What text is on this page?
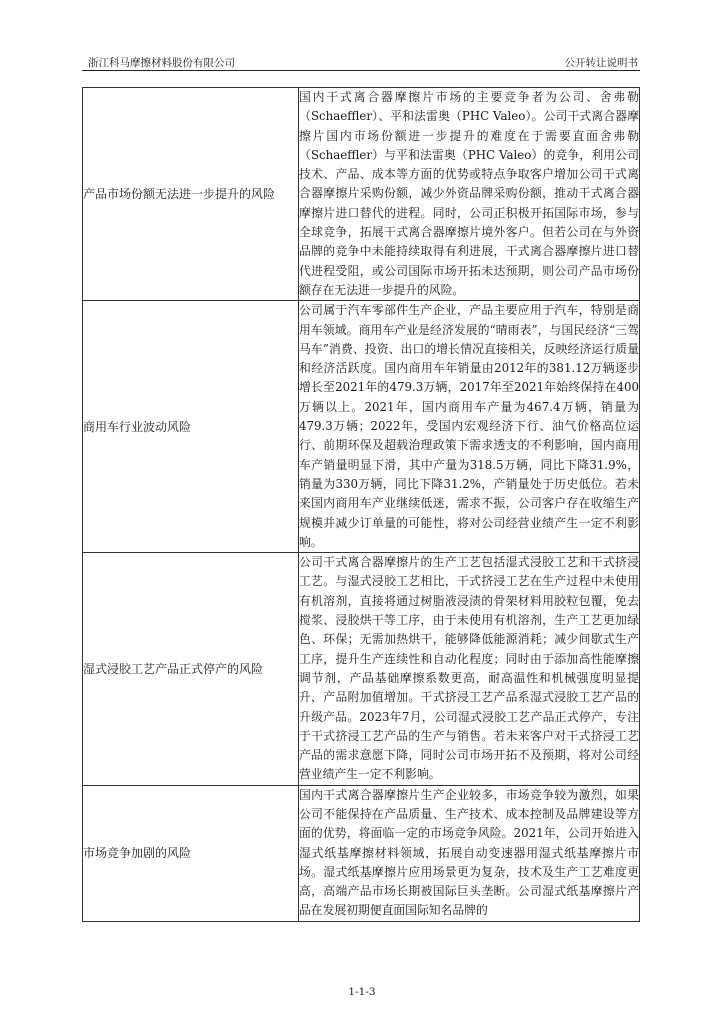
浙江科马摩擦材料股份有限公司	公开转让说明书
产品市场份额无法进一步提升的风险	国内干式离合器摩擦片市场的主要竞争者为公司、舍弗勒（Schaeffler）、平和法雷奥（PHC Valeo）。公司干式离合器摩擦片国内市场份额进一步提升的难度在于需要直面舍弗勒（Schaeffler）与平和法雷奥（PHC Valeo）的竞争，利用公司技术、产品、成本等方面的优势或特点争取客户增加公司干式离合器摩擦片采购份额，减少外资品牌采购份额，推动干式离合器摩擦片进口替代的进程。同时，公司正积极开拓国际市场，参与全球竞争，拓展干式离合器摩擦片境外客户。但若公司在与外资品牌的竞争中未能持续取得有利进展，干式离合器摩擦片进口替代进程受阻，或公司国际市场开拓未达预期，则公司产品市场份额存在无法进一步提升的风险。
商用车行业波动风险	公司属于汽车零部件生产企业，产品主要应用于汽车，特别是商用车领域。商用车产业是经济发展的“晴雨表”，与国民经济“三驾马车”消费、投资、出口的增长情况直接相关，反映经济运行质量和经济活跃度。国内商用车年销量由2012年的381.12万辆逐步增长至2021年的479.3万辆，2017年至2021年始终保持在400万辆以上。2021年，国内商用车产量为467.4万辆，销量为479.3万辆；2022年，受国内宏观经济下行、油气价格高位运行、前期环保及超载治理政策下需求透支的不利影响，国内商用车产销量明显下滑，其中产量为318.5万辆，同比下降31.9%，销量为330万辆，同比下降31.2%，产销量处于历史低位。若未来国内商用车产业继续低迷，需求不振，公司客户存在收缩生产规模并减少订单量的可能性，将对公司经营业绩产生一定不利影响。
湿式浸胶工艺产品正式停产的风险	公司干式离合器摩擦片的生产工艺包括湿式浸胶工艺和干式挤浸工艺。与湿式浸胶工艺相比，干式挤浸工艺在生产过程中未使用有机溶剂，直接将通过树脂液浸渍的骨架材料用胶粒包覆，免去搅浆、浸胶烘干等工序，由于未使用有机溶剂，生产工艺更加绿色、环保；无需加热烘干，能够降低能源消耗；减少间歇式生产工序，提升生产连续性和自动化程度；同时由于添加高性能摩擦调节剂，产品基础摩擦系数更高，耐高温性和机械强度明显提升，产品附加值增加。干式挤浸工艺产品系湿式浸胶工艺产品的升级产品。2023年7月，公司湿式浸胶工艺产品正式停产，专注于干式挤浸工艺产品的生产与销售。若未来客户对干式挤浸工艺产品的需求意愿下降，同时公司市场开拓不及预期，将对公司经营业绩产生一定不利影响。
市场竞争加剧的风险	国内干式离合器摩擦片生产企业较多，市场竞争较为激烈，如果公司不能保持在产品质量、生产技术、成本控制及品牌建设等方面的优势，将面临一定的市场竞争风险。2021年，公司开始进入湿式纸基摩擦材料领域，拓展自动变速器用湿式纸基摩擦片市场。湿式纸基摩擦片应用场景更为复杂，技术及生产工艺难度更高，高端产品市场长期被国际巨头垄断。公司湿式纸基摩擦片产品在发展初期便直面国际知名品牌的
1-1-3
